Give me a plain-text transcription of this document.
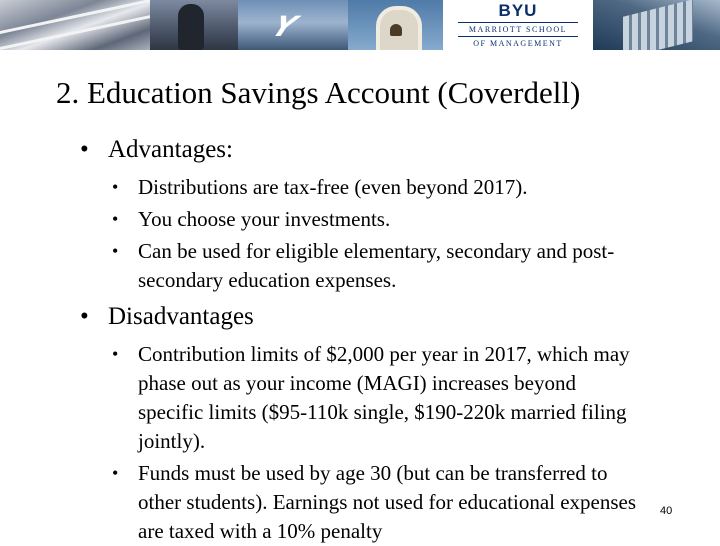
Y	BYU
MARRIOTT SCHOOL
OF MANAGEMENT
2. Education Savings Account (Coverdell)
• Advantages:
• Distributions are tax-free (even beyond 2017).
• You choose your investments.
• Can be used for eligible elementary, secondary and post-secondary education expenses.
• Disadvantages
• Contribution limits of $2,000 per year in 2017, which may phase out as your income (MAGI) increases beyond specific limits ($95-110k single, $190-220k married filing jointly).
• Funds must be used by age 30 (but can be transferred to other students). Earnings not used for educational expenses are taxed with a 10% penalty
40
